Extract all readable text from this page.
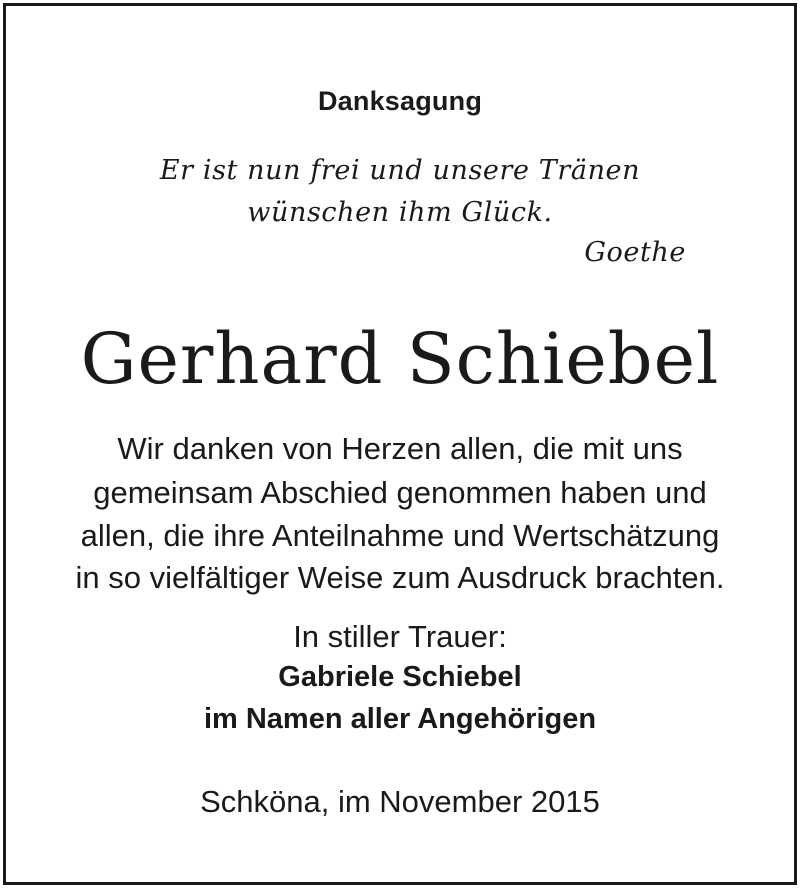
Danksagung
Er ist nun frei und unsere Tränen
wünschen ihm Glück.
Goethe
Gerhard Schiebel
Wir danken von Herzen allen, die mit uns
gemeinsam Abschied genommen haben und
allen, die ihre Anteilnahme und Wertschätzung
in so vielfältiger Weise zum Ausdruck brachten.
In stiller Trauer:
Gabriele Schiebel
im Namen aller Angehörigen
Schköna, im November 2015
